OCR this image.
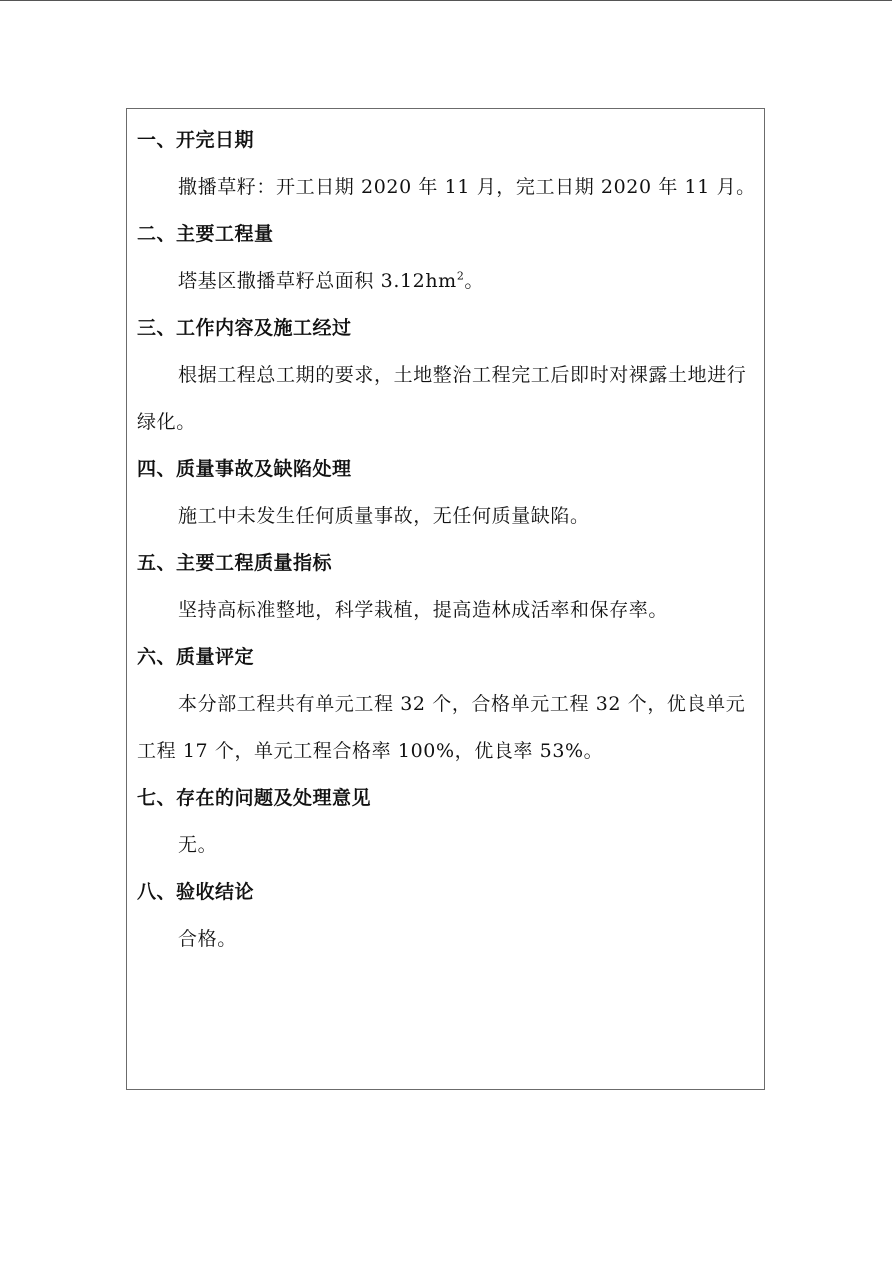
一、开完日期

撒播草籽：开工日期 2020 年 11 月，完工日期 2020 年 11 月。

二、主要工程量

塔基区撒播草籽总面积 $3.12hm^2$。

三、工作内容及施工经过

根据工程总工期的要求，土地整治工程完工后即时对裸露土地进行绿化。

四、质量事故及缺陷处理

施工中未发生任何质量事故，无任何质量缺陷。

五、主要工程质量指标

坚持高标准整地，科学栽植，提高造林成活率和保存率。

六、质量评定

本分部工程共有单元工程 32 个，合格单元工程 32 个，优良单元工程 17 个，单元工程合格率 100%，优良率 53%。

七、存在的问题及处理意见

无。

八、验收结论

合格。
